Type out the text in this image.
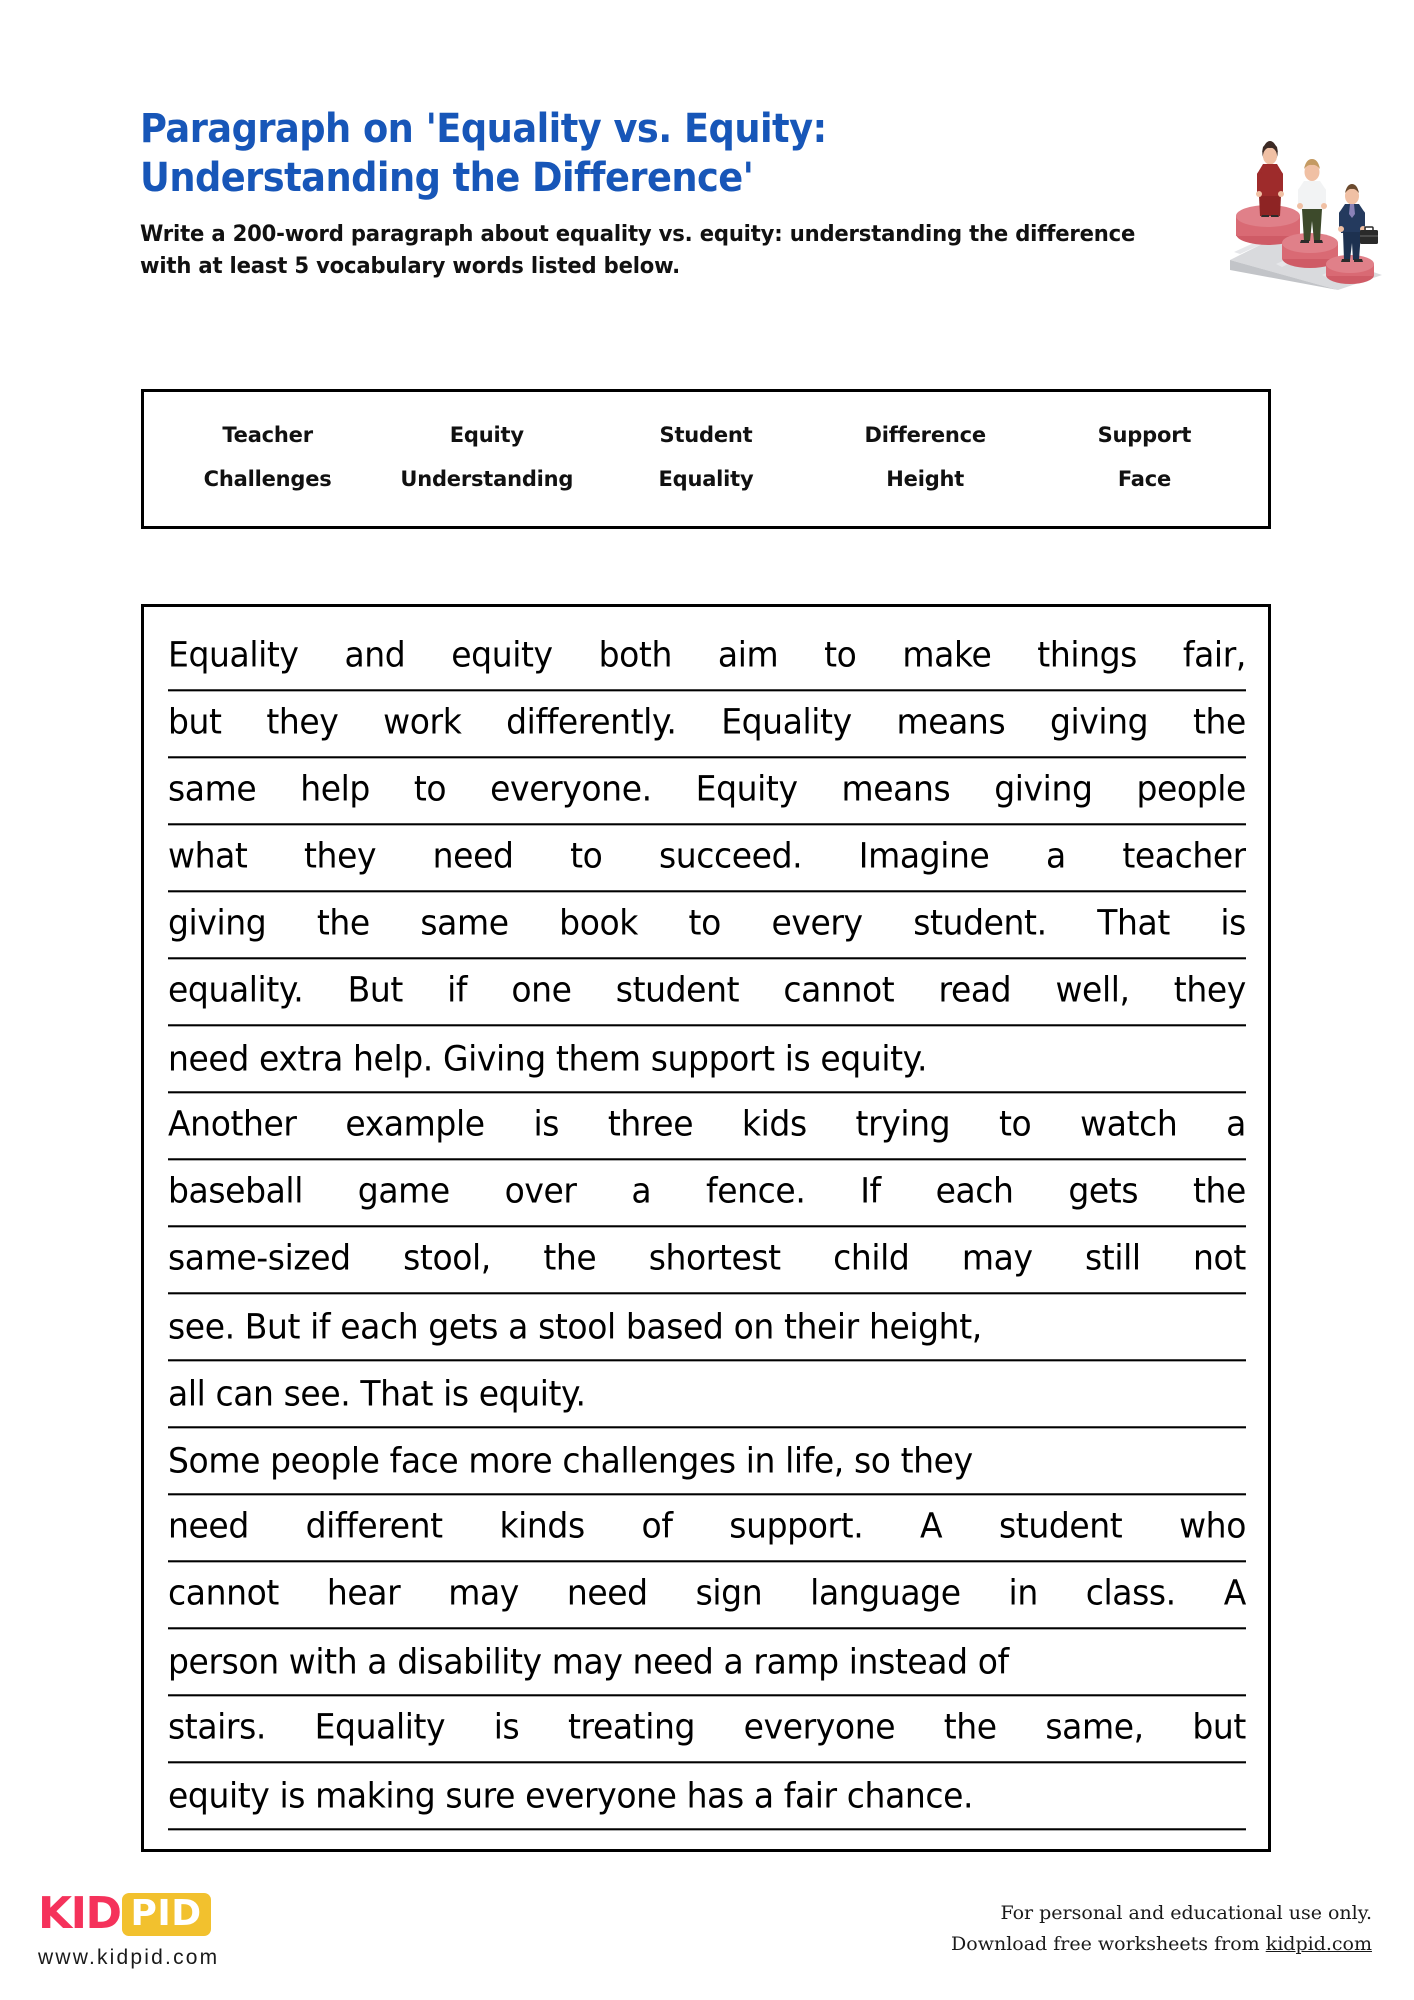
Paragraph on 'Equality vs. Equity: Understanding the Difference'
Write a 200-word paragraph about equality vs. equity: understanding the difference with at least 5 vocabulary words listed below.
Teacher	Equity	Student	Difference	Support
Challenges	Understanding	Equality	Height	Face
Equality and equity both aim to make things fair,
but they work differently. Equality means giving the
same help to everyone. Equity means giving people
what they need to succeed. Imagine a teacher
giving the same book to every student. That is
equality. But if one student cannot read well, they
need extra help. Giving them support is equity.
Another example is three kids trying to watch a
baseball game over a fence. If each gets the
same-sized stool, the shortest child may still not
see. But if each gets a stool based on their height,
all can see. That is equity.
Some people face more challenges in life, so they
need different kinds of support. A student who
cannot hear may need sign language in class. A
person with a disability may need a ramp instead of
stairs. Equality is treating everyone the same, but
equity is making sure everyone has a fair chance.
KID PID
www.kidpid.com
For personal and educational use only.
Download free worksheets from kidpid.com
